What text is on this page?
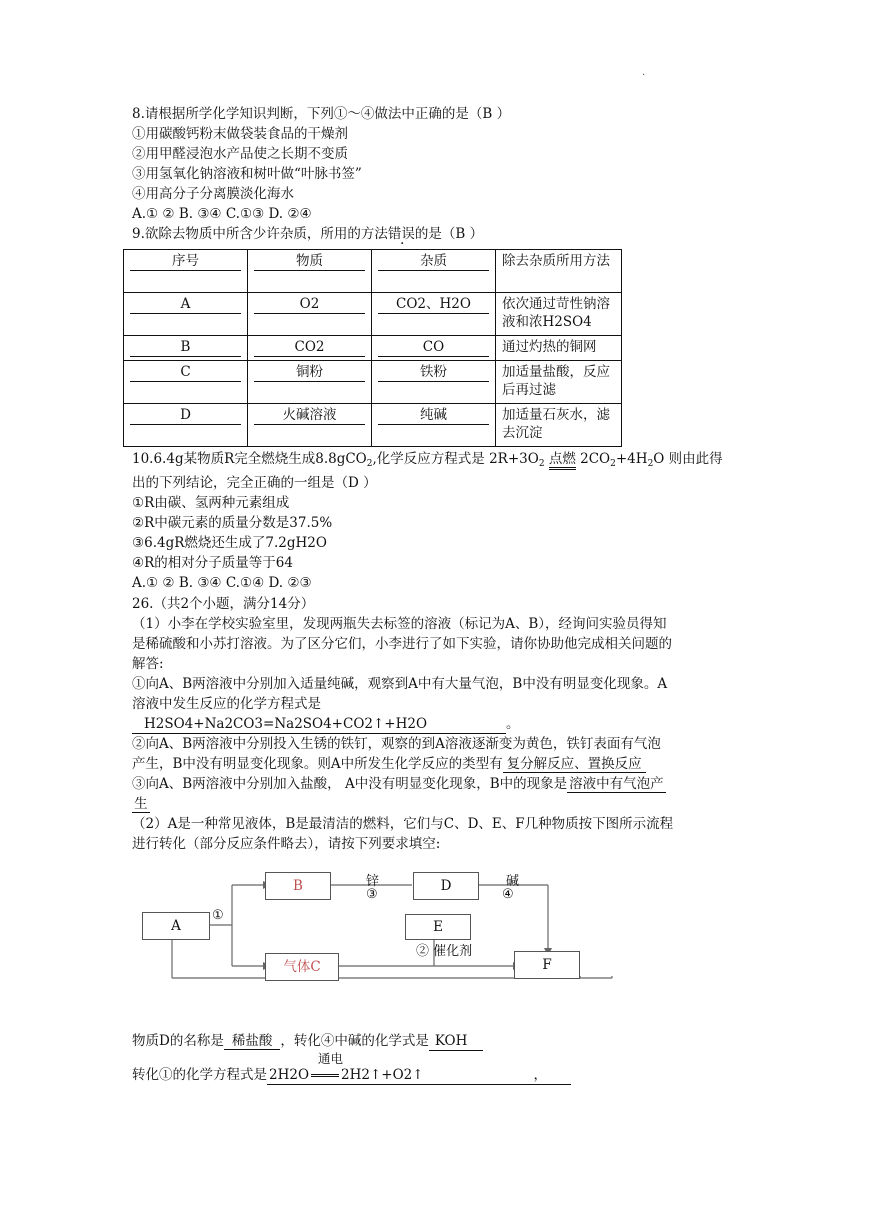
·
8.请根据所学化学知识判断，下列①～④做法中正确的是（B ）
①用碳酸钙粉末做袋装食品的干燥剂
②用甲醛浸泡水产品使之长期不变质
③用氢氧化钠溶液和树叶做“叶脉书签”
④用高分子分离膜淡化海水
A.① ② B. ③④ C.①③ D. ②④
9.欲除去物质中所含少许杂质，所用的方法错误的是（B ）
序号	物质	杂质	除去杂质所用方法
A	O2	CO2、H2O	依次通过苛性钠溶液和浓H2SO4
B	CO2	CO	通过灼热的铜网
C	铜粉	铁粉	加适量盐酸，反应后再过滤
D	火碱溶液	纯碱	加适量石灰水，滤去沉淀
10.6.4g某物质R完全燃烧生成8.8gCO$_2$,化学反应方程式是 $2R+3O_2$ 点燃 $2CO_2+4H_2O$ 则由此得
出的下列结论，完全正确的一组是（D ）
①R由碳、氢两种元素组成
②R中碳元素的质量分数是37.5%
③6.4gR燃烧还生成了7.2gH2O
④R的相对分子质量等于64
A.① ② B. ③④ C.①④ D. ②③
26.（共2个小题，满分14分）
（1）小李在学校实验室里，发现两瓶失去标签的溶液（标记为A、B），经询问实验员得知
是稀硫酸和小苏打溶液。为了区分它们，小李进行了如下实验，请你协助他完成相关问题的
解答:
①向A、B两溶液中分别加入适量纯碱，观察到A中有大量气泡，B中没有明显变化现象。A
溶液中发生反应的化学方程式是
H2SO4+Na2CO3=Na2SO4+CO2↑+H2O	。
②向A、B两溶液中分别投入生锈的铁钉，观察的到A溶液逐渐变为黄色，铁钉表面有气泡
产生，B中没有明显变化现象。则A中所发生化学反应的类型有 复分解反应、置换反应
③向A、B两溶液中分别加入盐酸， A中没有明显变化现象，B中的现象是 溶液中有气泡产
生
（2）A是一种常见液体，B是最清洁的燃料，它们与C、D、E、F几种物质按下图所示流程
进行转化（部分反应条件略去），请按下列要求填空:
A
B
气体C
D
E
F
①
锌
③
碱
④
② 催化剂
物质D的名称是 稀盐酸 ，转化④中碱的化学式是 KOH
通电
转化①的化学方程式是 2H2O 2H2↑+O2↑	，
